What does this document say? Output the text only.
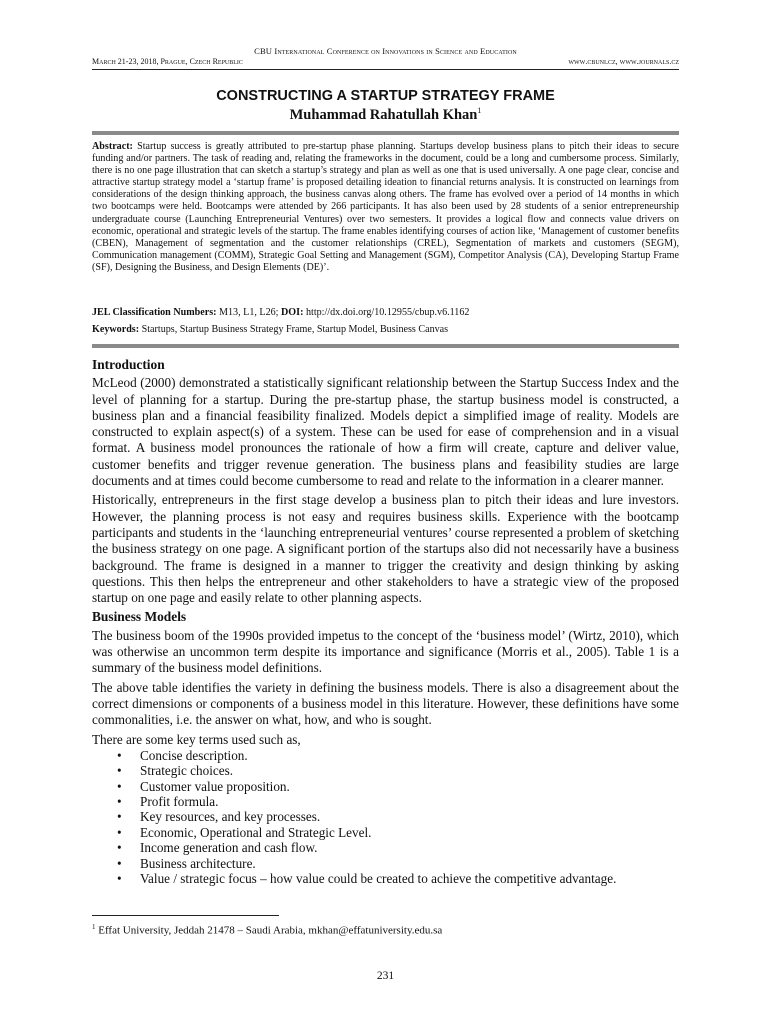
CBU International Conference on Innovations in Science and Education
March 21-23, 2018, Prague, Czech Republic	www.cbuni.cz, www.journals.cz
CONSTRUCTING A STARTUP STRATEGY FRAME
Muhammad Rahatullah Khan$^1$
Abstract: Startup success is greatly attributed to pre-startup phase planning. Startups develop business plans to pitch their ideas to secure funding and/or partners. The task of reading and, relating the frameworks in the document, could be a long and cumbersome process. Similarly, there is no one page illustration that can sketch a startup’s strategy and plan as well as one that is used universally. A one page clear, concise and attractive startup strategy model a ‘startup frame’ is proposed detailing ideation to financial returns analysis. It is constructed on learnings from considerations of the design thinking approach, the business canvas along others. The frame has evolved over a period of 14 months in which two bootcamps were held. Bootcamps were attended by 266 participants. It has also been used by 28 students of a senior entrepreneurship undergraduate course (Launching Entrepreneurial Ventures) over two semesters. It provides a logical flow and connects value drivers on economic, operational and strategic levels of the startup. The frame enables identifying courses of action like, ‘Management of customer benefits (CBEN), Management of segmentation and the customer relationships (CREL), Segmentation of markets and customers (SEGM), Communication management (COMM), Strategic Goal Setting and Management (SGM), Competitor Analysis (CA), Developing Startup Frame (SF), Designing the Business, and Design Elements (DE)’.
JEL Classification Numbers: M13, L1, L26; DOI: http://dx.doi.org/10.12955/cbup.v6.1162
Keywords: Startups, Startup Business Strategy Frame, Startup Model, Business Canvas
Introduction

McLeod (2000) demonstrated a statistically significant relationship between the Startup Success Index and the level of planning for a startup. During the pre-startup phase, the startup business model is constructed, a business plan and a financial feasibility finalized. Models depict a simplified image of reality. Models are constructed to explain aspect(s) of a system. These can be used for ease of comprehension and in a visual format. A business model pronounces the rationale of how a firm will create, capture and deliver value, customer benefits and trigger revenue generation. The business plans and feasibility studies are large documents and at times could become cumbersome to read and relate to the information in a clearer manner.

Historically, entrepreneurs in the first stage develop a business plan to pitch their ideas and lure investors. However, the planning process is not easy and requires business skills. Experience with the bootcamp participants and students in the ‘launching entrepreneurial ventures’ course represented a problem of sketching the business strategy on one page. A significant portion of the startups also did not necessarily have a business background. The frame is designed in a manner to trigger the creativity and design thinking by asking questions. This then helps the entrepreneur and other stakeholders to have a strategic view of the proposed startup on one page and easily relate to other planning aspects.

Business Models

The business boom of the 1990s provided impetus to the concept of the ‘business model’ (Wirtz, 2010), which was otherwise an uncommon term despite its importance and significance (Morris et al., 2005). Table 1 is a summary of the business model definitions.

The above table identifies the variety in defining the business models. There is also a disagreement about the correct dimensions or components of a business model in this literature. However, these definitions have some commonalities, i.e. the answer on what, how, and who is sought.

There are some key terms used such as,

• Concise description.
• Strategic choices.
• Customer value proposition.
• Profit formula.
• Key resources, and key processes.
• Economic, Operational and Strategic Level.
• Income generation and cash flow.
• Business architecture.
• Value / strategic focus – how value could be created to achieve the competitive advantage.
$^1$ Effat University, Jeddah 21478 – Saudi Arabia, mkhan@effatuniversity.edu.sa
231
